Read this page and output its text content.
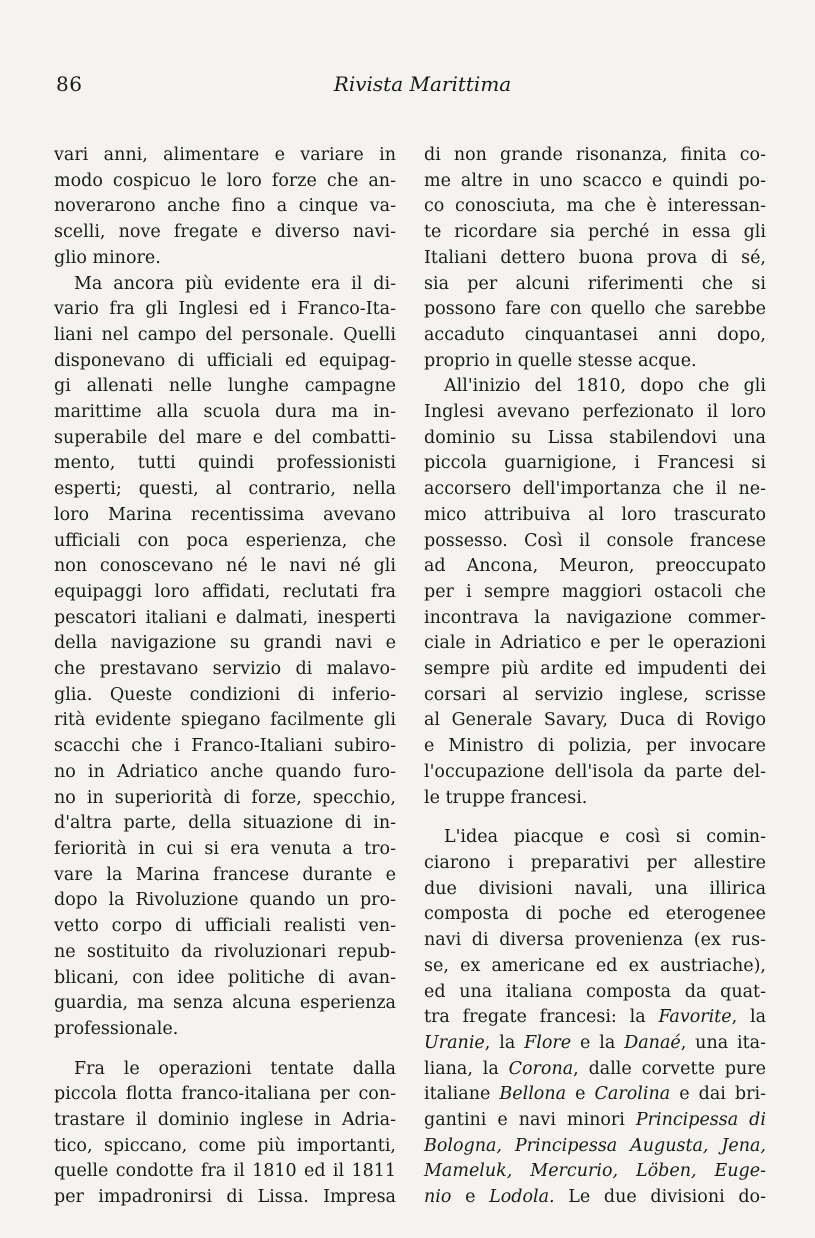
86	Rivista Marittima

vari anni, alimentare e variare in
modo cospicuo le loro forze che an-
noverarono anche fino a cinque va-
scelli, nove fregate e diverso navi-
glio minore.

Ma ancora più evidente era il di-
vario fra gli Inglesi ed i Franco-Ita-
liani nel campo del personale. Quelli
disponevano di ufficiali ed equipag-
gi allenati nelle lunghe campagne
marittime alla scuola dura ma in-
superabile del mare e del combatti-
mento, tutti quindi professionisti
esperti; questi, al contrario, nella
loro Marina recentissima avevano
ufficiali con poca esperienza, che
non conoscevano né le navi né gli
equipaggi loro affidati, reclutati fra
pescatori italiani e dalmati, inesperti
della navigazione su grandi navi e
che prestavano servizio di malavo-
glia. Queste condizioni di inferio-
rità evidente spiegano facilmente gli
scacchi che i Franco-Italiani subiro-
no in Adriatico anche quando furo-
no in superiorità di forze, specchio,
d'altra parte, della situazione di in-
feriorità in cui si era venuta a tro-
vare la Marina francese durante e
dopo la Rivoluzione quando un pro-
vetto corpo di ufficiali realisti ven-
ne sostituito da rivoluzionari repub-
blicani, con idee politiche di avan-
guardia, ma senza alcuna esperienza
professionale.

Fra le operazioni tentate dalla
piccola flotta franco-italiana per con-
trastare il dominio inglese in Adria-
tico, spiccano, come più importanti,
quelle condotte fra il 1810 ed il 1811
per impadronirsi di Lissa. Impresa

di non grande risonanza, finita co-
me altre in uno scacco e quindi po-
co conosciuta, ma che è interessan-
te ricordare sia perché in essa gli
Italiani dettero buona prova di sé,
sia per alcuni riferimenti che si
possono fare con quello che sarebbe
accaduto cinquantasei anni dopo,
proprio in quelle stesse acque.

All'inizio del 1810, dopo che gli
Inglesi avevano perfezionato il loro
dominio su Lissa stabilendovi una
piccola guarnigione, i Francesi si
accorsero dell'importanza che il ne-
mico attribuiva al loro trascurato
possesso. Così il console francese
ad Ancona, Meuron, preoccupato
per i sempre maggiori ostacoli che
incontrava la navigazione commer-
ciale in Adriatico e per le operazioni
sempre più ardite ed impudenti dei
corsari al servizio inglese, scrisse
al Generale Savary, Duca di Rovigo
e Ministro di polizia, per invocare
l'occupazione dell'isola da parte del-
le truppe francesi.

L'idea piacque e così si comin-
ciarono i preparativi per allestire
due divisioni navali, una illirica
composta di poche ed eterogenee
navi di diversa provenienza (ex rus-
se, ex americane ed ex austriache),
ed una italiana composta da quat-
tra fregate francesi: la Favorite, la
Uranie, la Flore e la Danaé, una ita-
liana, la Corona, dalle corvette pure
italiane Bellona e Carolina e dai bri-
gantini e navi minori Principessa di
Bologna, Principessa Augusta, Jena,
Mameluk, Mercurio, Löben, Euge-
nio e Lodola. Le due divisioni do-
